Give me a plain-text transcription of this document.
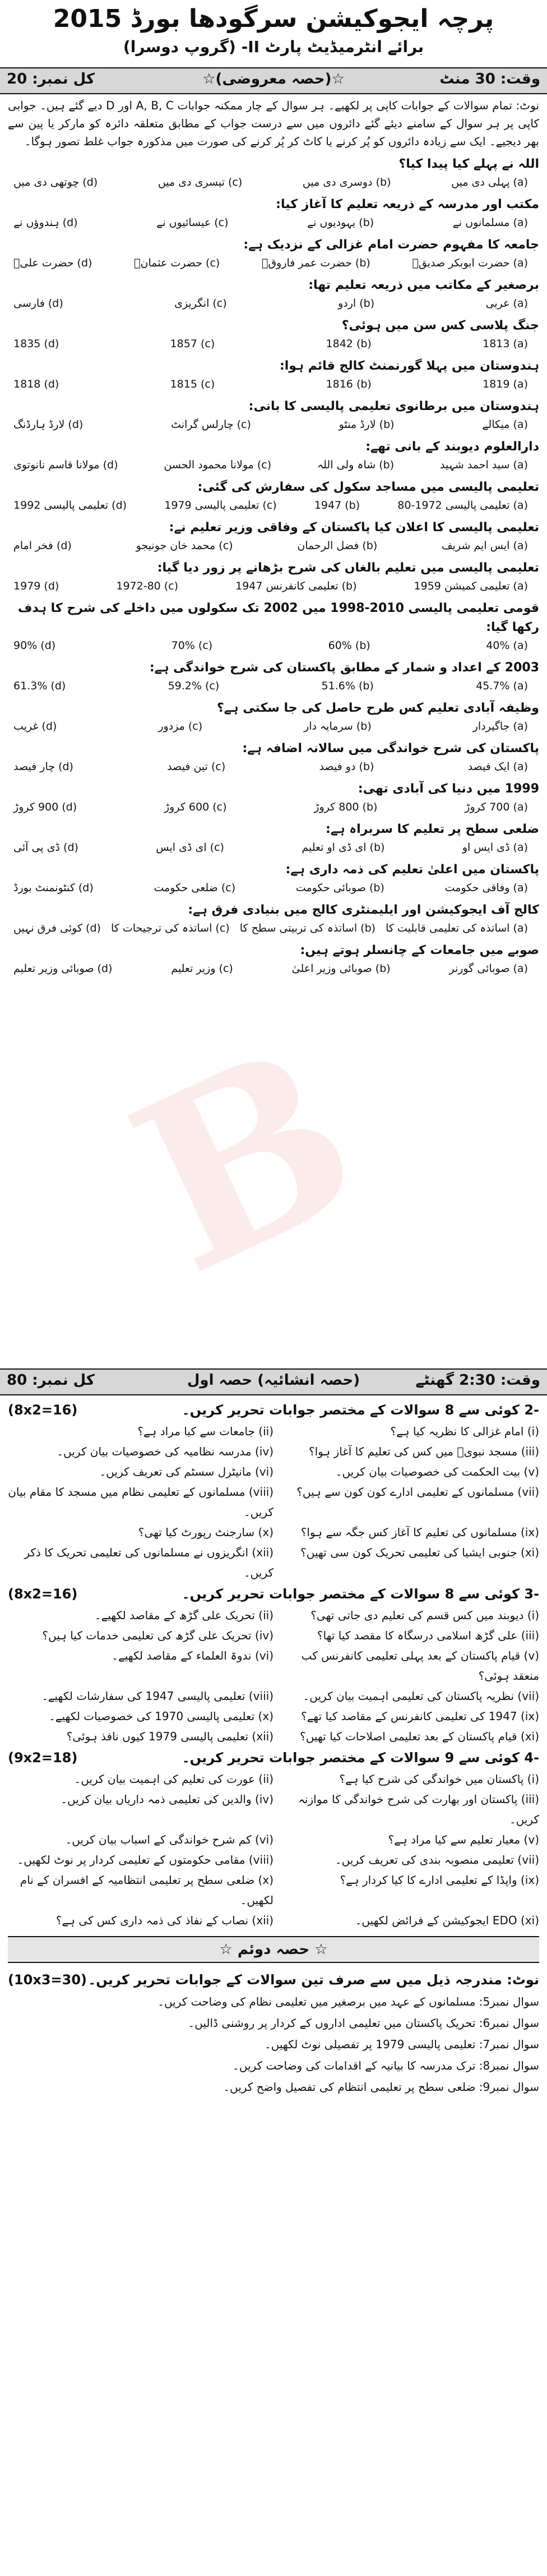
پرچہ ایجوکیشن سرگودھا بورڈ 2015
برائے انٹرمیڈیٹ پارٹ II- (گروپ دوسرا)
وقت: 30 منٹ
☆(حصہ معروضی)☆
کل نمبر: 20
نوٹ: تمام سوالات کے جوابات کاپی پر لکھیے۔ ہر سوال کے چار ممکنہ جوابات A, B, C اور D دیے گئے ہیں۔ جوابی کاپی پر ہر سوال کے سامنے دیئے گئے دائروں میں سے درست جواب کے مطابق متعلقہ دائرہ کو مارکر یا پین سے بھر دیجیے۔ ایک سے زیادہ دائروں کو پُر کرنے یا کاٹ کر پُر کرنے کی صورت میں مذکورہ جواب غلط تصور ہوگا۔
اللہ نے پہلے کیا پیدا کیا؟
(a) پہلی دی میں
(b) دوسری دی میں
(c) تیسری دی میں
(d) چوتھی دی میں
مکتب اور مدرسہ کے ذریعہ تعلیم کا آغاز کیا:
(a) مسلمانوں نے
(b) یہودیوں نے
(c) عیسائیوں نے
(d) ہندوؤں نے
جامعہ کا مفہوم حضرت امام غزالی کے نزدیک ہے:
(a) حضرت ابوبکر صدیقؓ
(b) حضرت عمر فاروقؓ
(c) حضرت عثمانؓ
(d) حضرت علیؓ
برصغیر کے مکاتب میں ذریعہ تعلیم تھا:
(a) عربی
(b) اردو
(c) انگریزی
(d) فارسی
جنگ پلاسی کس سن میں ہوئی؟
(a) 1813
(b) 1842
(c) 1857
(d) 1835
ہندوستان میں پہلا گورنمنٹ کالج قائم ہوا:
(a) 1819
(b) 1816
(c) 1815
(d) 1818
ہندوستان میں برطانوی تعلیمی پالیسی کا بانی:
(a) میکالے
(b) لارڈ منٹو
(c) چارلس گرانٹ
(d) لارڈ ہارڈنگ
دارالعلوم دیوبند کے بانی تھے:
(a) سید احمد شہید
(b) شاہ ولی اللہ
(c) مولانا محمود الحسن
(d) مولانا قاسم نانوتوی
تعلیمی پالیسی میں مساجد سکول کی سفارش کی گئی:
(a) تعلیمی پالیسی 1972-80
(b) 1947
(c) تعلیمی پالیسی 1979
(d) تعلیمی پالیسی 1992
تعلیمی پالیسی کا اعلان کیا پاکستان کے وفاقی وزیر تعلیم نے:
(a) ایس ایم شریف
(b) فضل الرحمان
(c) محمد خان جونیجو
(d) فخر امام
تعلیمی پالیسی میں تعلیم بالغاں کی شرح بڑھانے پر زور دیا گیا:
(a) تعلیمی کمیشن 1959
(b) تعلیمی کانفرنس 1947
(c) 1972-80
(d) 1979
قومی تعلیمی پالیسی 2010-1998 میں 2002 تک سکولوں میں داخلے کی شرح کا ہدف رکھا گیا:
(a) 40%
(b) 60%
(c) 70%
(d) 90%
2003 کے اعداد و شمار کے مطابق پاکستان کی شرح خواندگی ہے:
(a) 45.7%
(b) 51.6%
(c) 59.2%
(d) 61.3%
وظیفہ آبادی تعلیم کس طرح حاصل کی جا سکتی ہے؟
(a) جاگیردار
(b) سرمایہ دار
(c) مزدور
(d) غریب
پاکستان کی شرح خواندگی میں سالانہ اضافہ ہے:
(a) ایک فیصد
(b) دو فیصد
(c) تین فیصد
(d) چار فیصد
1999 میں دنیا کی آبادی تھی:
(a) 700 کروڑ
(b) 800 کروڑ
(c) 600 کروڑ
(d) 900 کروڑ
ضلعی سطح پر تعلیم کا سربراہ ہے:
(a) ڈی ایس او
(b) ای ڈی او تعلیم
(c) ای ڈی ایس
(d) ڈی پی آئی
پاکستان میں اعلیٰ تعلیم کی ذمہ داری ہے:
(a) وفاقی حکومت
(b) صوبائی حکومت
(c) ضلعی حکومت
(d) کنٹونمنٹ بورڈ
کالج آف ایجوکیشن اور ایلیمنٹری کالج میں بنیادی فرق ہے:
(a) اساتذہ کی تعلیمی قابلیت کا
(b) اساتذہ کی تربیتی سطح کا
(c) اساتذہ کی ترجیحات کا
(d) کوئی فرق نہیں
صوبے میں جامعات کے چانسلر ہوتے ہیں:
(a) صوبائی گورنر
(b) صوبائی وزیر اعلیٰ
(c) وزیر تعلیم
(d) صوبائی وزیر تعلیم
وقت: 2:30 گھنٹے
(حصہ انشائیہ) حصہ اول
کل نمبر: 80
-2 کوئی سے 8 سوالات کے مختصر جوابات تحریر کریں۔
(8x2=16)
(i) امام غزالی کا نظریہ کیا ہے؟
(ii) جامعات سے کیا مراد ہے؟
(iii) مسجد نبویؐ میں کس کی تعلیم کا آغاز ہوا؟
(iv) مدرسہ نظامیہ کی خصوصیات بیان کریں۔
(v) بیت الحکمت کی خصوصیات بیان کریں۔
(vi) مانیٹرل سسٹم کی تعریف کریں۔
(vii) مسلمانوں کے تعلیمی ادارے کون کون سے ہیں؟
(viii) مسلمانوں کے تعلیمی نظام میں مسجد کا مقام بیان کریں۔
(ix) مسلمانوں کی تعلیم کا آغاز کس جگہ سے ہوا؟
(x) سارجنٹ رپورٹ کیا تھی؟
(xi) جنوبی ایشیا کی تعلیمی تحریک کون سی تھیں؟
(xii) انگریزوں نے مسلمانوں کی تعلیمی تحریک کا ذکر کریں۔
-3 کوئی سے 8 سوالات کے مختصر جوابات تحریر کریں۔
(8x2=16)
(i) دیوبند میں کس قسم کی تعلیم دی جاتی تھی؟
(ii) تحریک علی گڑھ کے مقاصد لکھیے۔
(iii) علی گڑھ اسلامی درسگاہ کا مقصد کیا تھا؟
(iv) تحریک علی گڑھ کی تعلیمی خدمات کیا ہیں؟
(v) قیام پاکستان کے بعد پہلی تعلیمی کانفرنس کب منعقد ہوئی؟
(vi) ندوۃ العلماء کے مقاصد لکھیے۔
(vii) نظریہ پاکستان کی تعلیمی اہمیت بیان کریں۔
(viii) تعلیمی پالیسی 1947 کی سفارشات لکھیے۔
(ix) 1947 کی تعلیمی کانفرنس کے مقاصد کیا تھے؟
(x) تعلیمی پالیسی 1970 کی خصوصیات لکھیے۔
(xi) قیام پاکستان کے بعد تعلیمی اصلاحات کیا تھیں؟
(xii) تعلیمی پالیسی 1979 کیوں نافذ ہوئی؟
-4 کوئی سے 9 سوالات کے مختصر جوابات تحریر کریں۔
(9x2=18)
(i) پاکستان میں خواندگی کی شرح کیا ہے؟
(ii) عورت کی تعلیم کی اہمیت بیان کریں۔
(iii) پاکستان اور بھارت کی شرح خواندگی کا موازنہ کریں۔
(iv) والدین کی تعلیمی ذمہ داریاں بیان کریں۔
(v) معیار تعلیم سے کیا مراد ہے؟
(vi) کم شرح خواندگی کے اسباب بیان کریں۔
(vii) تعلیمی منصوبہ بندی کی تعریف کریں۔
(viii) مقامی حکومتوں کے تعلیمی کردار پر نوٹ لکھیں۔
(ix) واپڈا کے تعلیمی ادارے کا کیا کردار ہے؟
(x) ضلعی سطح پر تعلیمی انتظامیہ کے افسران کے نام لکھیں۔
(xi) EDO ایجوکیشن کے فرائض لکھیں۔
(xii) نصاب کے نفاذ کی ذمہ داری کس کی ہے؟
☆ حصہ دوئم ☆
نوٹ: مندرجہ ذیل میں سے صرف تین سوالات کے جوابات تحریر کریں۔
(10x3=30)
سوال نمبر5: مسلمانوں کے عہد میں برصغیر میں تعلیمی نظام کی وضاحت کریں۔
سوال نمبر6: تحریک پاکستان میں تعلیمی اداروں کے کردار پر روشنی ڈالیں۔
سوال نمبر7: تعلیمی پالیسی 1979 پر تفصیلی نوٹ لکھیں۔
سوال نمبر8: ترک مدرسہ کا بیانیہ کے اقدامات کی وضاحت کریں۔
سوال نمبر9: ضلعی سطح پر تعلیمی انتظام کی تفصیل واضح کریں۔
B
